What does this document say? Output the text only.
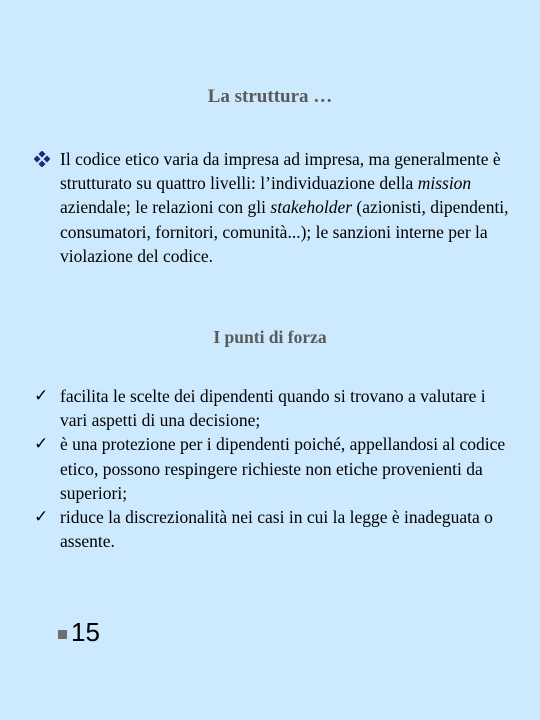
La struttura …

Il codice etico varia da impresa ad impresa, ma generalmente è strutturato su quattro livelli: l’individuazione della mission aziendale; le relazioni con gli stakeholder (azionisti, dipendenti, consumatori, fornitori, comunità...); le sanzioni interne per la violazione del codice.

I punti di forza
✓ facilita le scelte dei dipendenti quando si trovano a valutare i vari aspetti di una decisione;

✓ è una protezione per i dipendenti poiché, appellandosi al codice etico, possono respingere richieste non etiche provenienti da superiori;

✓ riduce la discrezionalità nei casi in cui la legge è inadeguata o assente.

15
